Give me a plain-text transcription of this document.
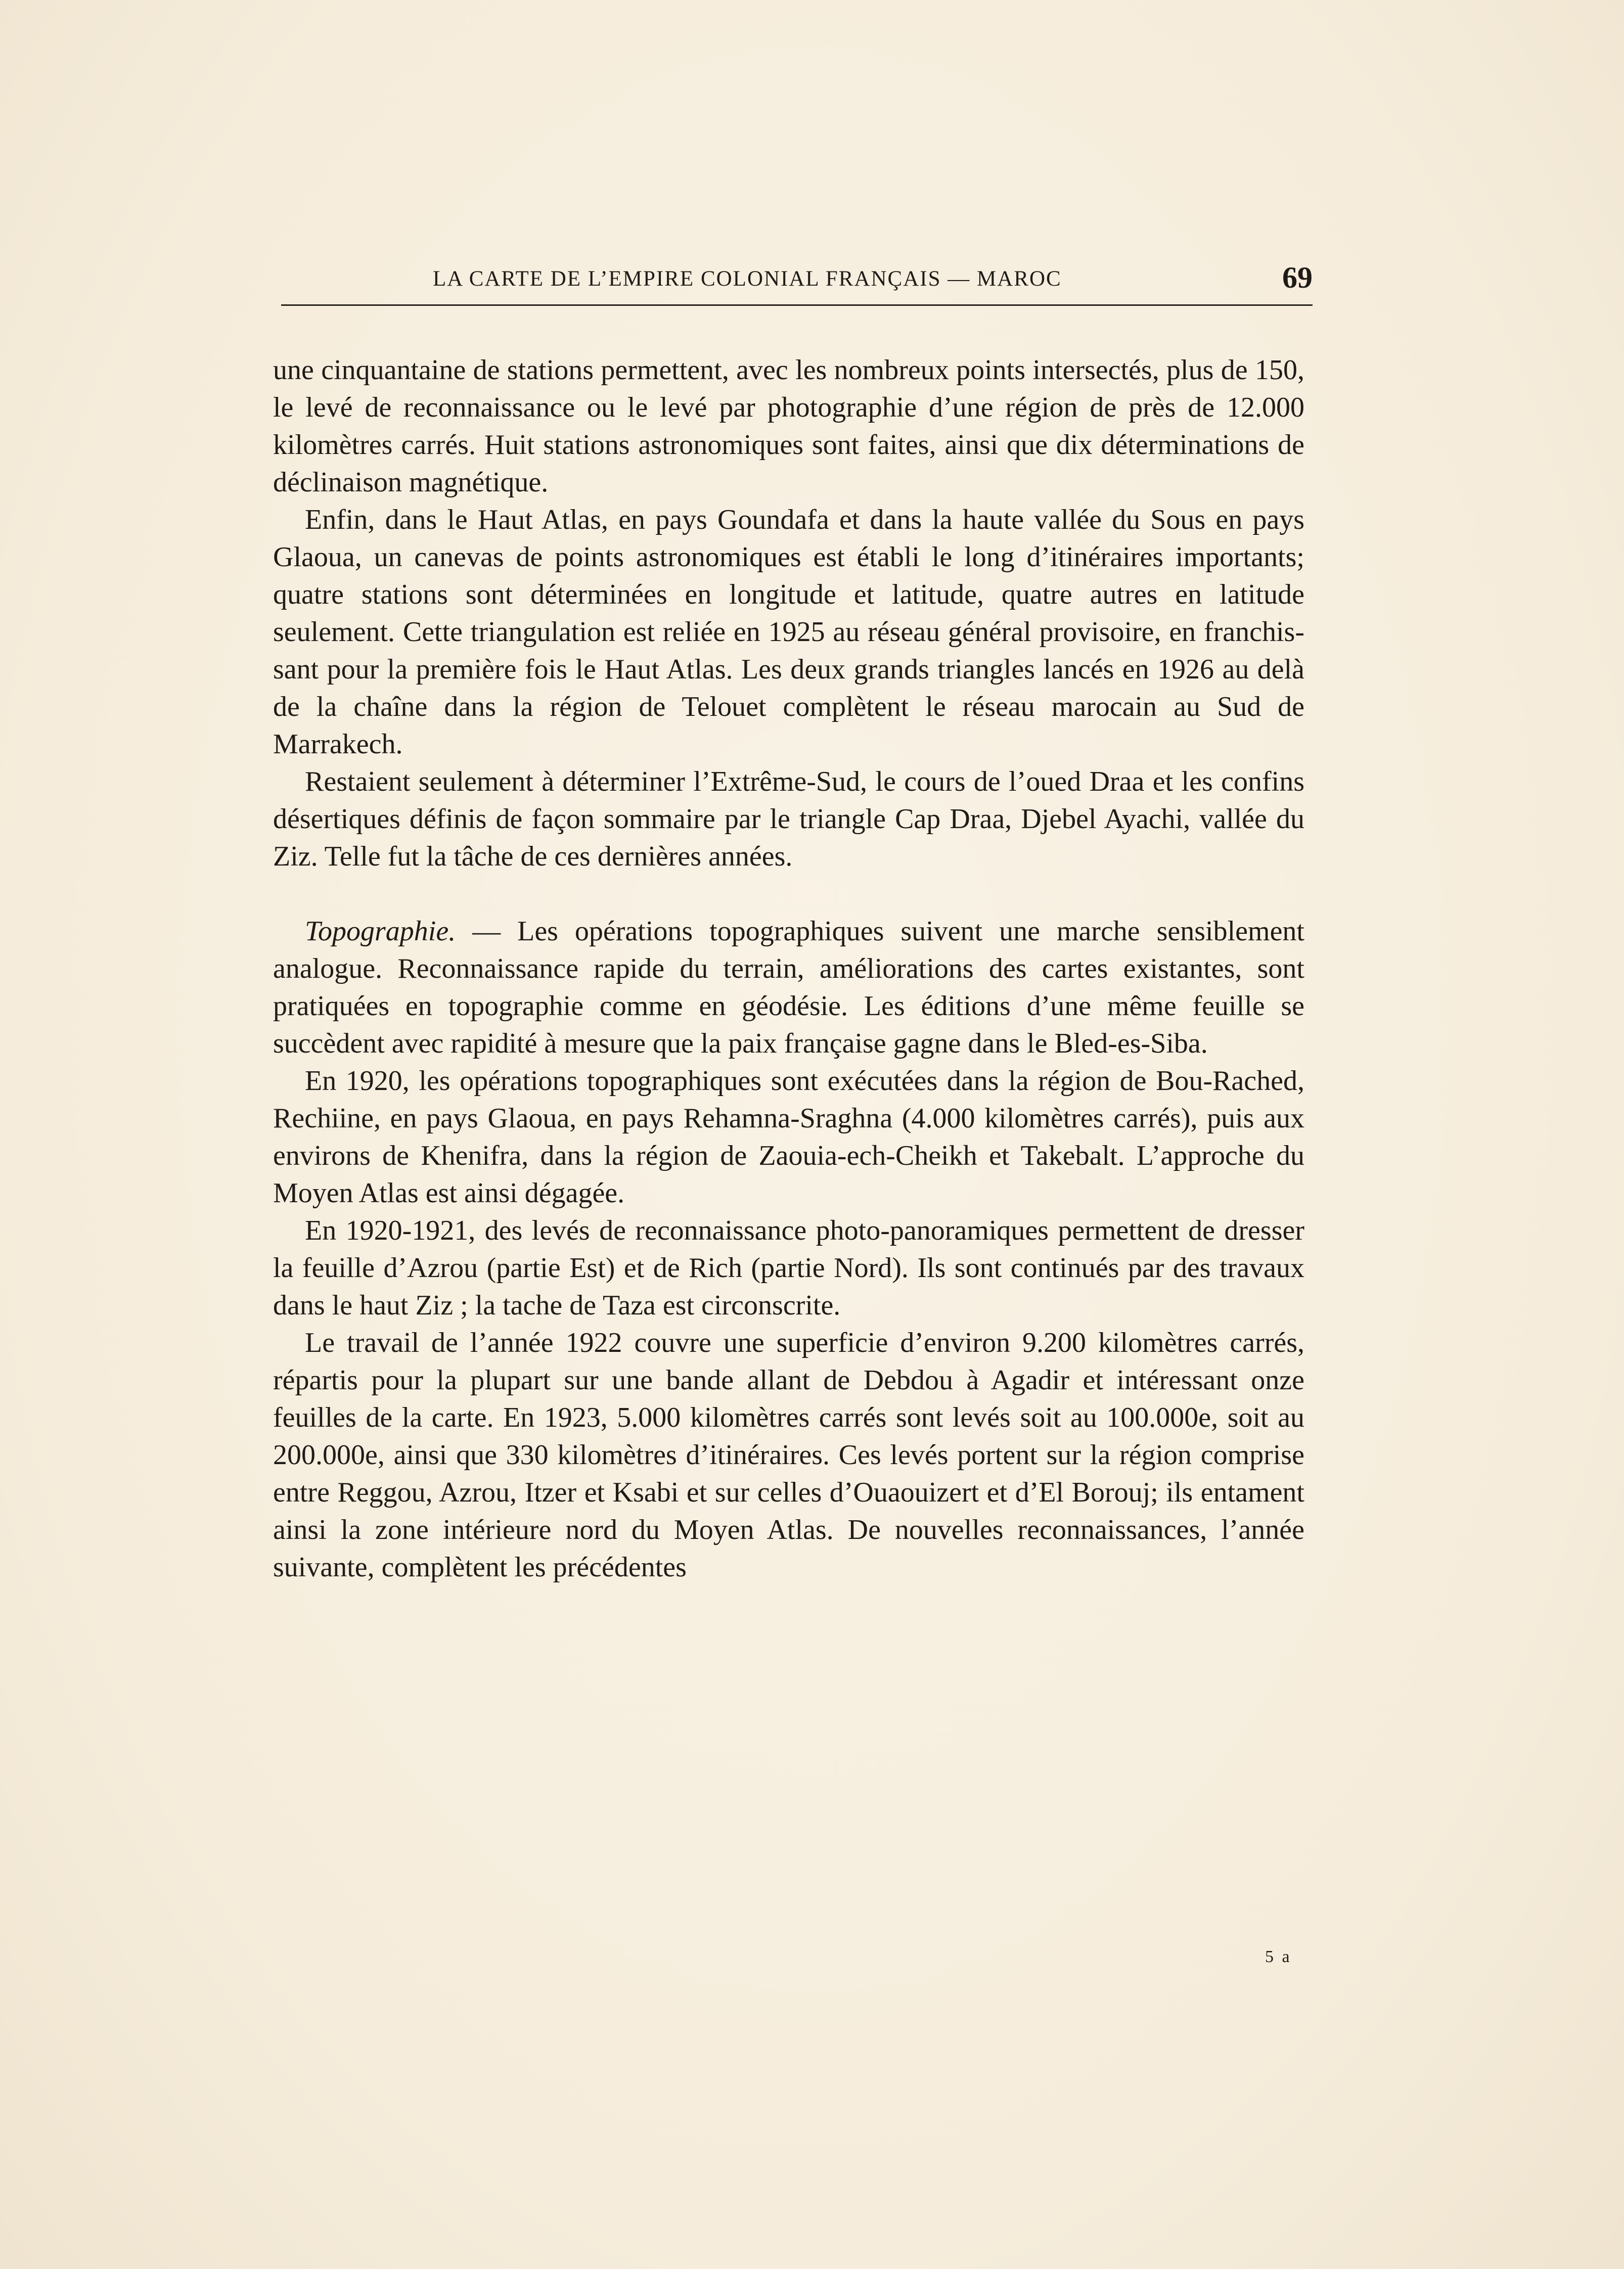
LA CARTE DE L’EMPIRE COLONIAL FRANÇAIS — MAROC	69

une cinquantaine de stations permettent, avec les nombreux points intersectés, plus de 150, le levé de reconnaissance ou le levé par photographie d’une région de près de 12.000 kilomètres carrés. Huit stations astronomiques sont faites, ainsi que dix déterminations de déclinaison magnétique.

Enfin, dans le Haut Atlas, en pays Goundafa et dans la haute vallée du Sous en pays Glaoua, un canevas de points astronomiques est établi le long d’itinéraires importants; quatre stations sont déterminées en longitude et latitude, quatre autres en latitude seulement. Cette triangulation est reliée en 1925 au réseau général provisoire, en franchissant pour la première fois le Haut Atlas. Les deux grands triangles lancés en 1926 au delà de la chaîne dans la région de Telouet complètent le réseau marocain au Sud de Marrakech.

Restaient seulement à déterminer l’Extrême-Sud, le cours de l’oued Draa et les confins désertiques définis de façon sommaire par le triangle Cap Draa, Djebel Ayachi, vallée du Ziz. Telle fut la tâche de ces dernières années.

Topographie. — Les opérations topographiques suivent une marche sensiblement analogue. Reconnaissance rapide du terrain, améliorations des cartes existantes, sont pratiquées en topographie comme en géodésie. Les éditions d’une même feuille se succèdent avec rapidité à mesure que la paix française gagne dans le Bled-es-Siba.

En 1920, les opérations topographiques sont exécutées dans la région de Bou-Rached, Rechiine, en pays Glaoua, en pays Rehamna-Sraghna (4.000 kilomètres carrés), puis aux environs de Khenifra, dans la région de Zaouia-ech-Cheikh et Takebalt. L’approche du Moyen Atlas est ainsi dégagée.

En 1920-1921, des levés de reconnaissance photo-panoramiques permettent de dresser la feuille d’Azrou (partie Est) et de Rich (partie Nord). Ils sont continués par des travaux dans le haut Ziz ; la tache de Taza est circonscrite.

Le travail de l’année 1922 couvre une superficie d’environ 9.200 kilomètres carrés, répartis pour la plupart sur une bande allant de Debdou à Agadir et intéressant onze feuilles de la carte. En 1923, 5.000 kilomètres carrés sont levés soit au 100.000e, soit au 200.000e, ainsi que 330 kilomètres d’itinéraires. Ces levés portent sur la région comprise entre Reggou, Azrou, Itzer et Ksabi et sur celles d’Ouaouizert et d’El Borouj; ils entament ainsi la zone intérieure nord du Moyen Atlas. De nouvelles reconnaissances, l’année suivante, complètent les précédentes

5 a
